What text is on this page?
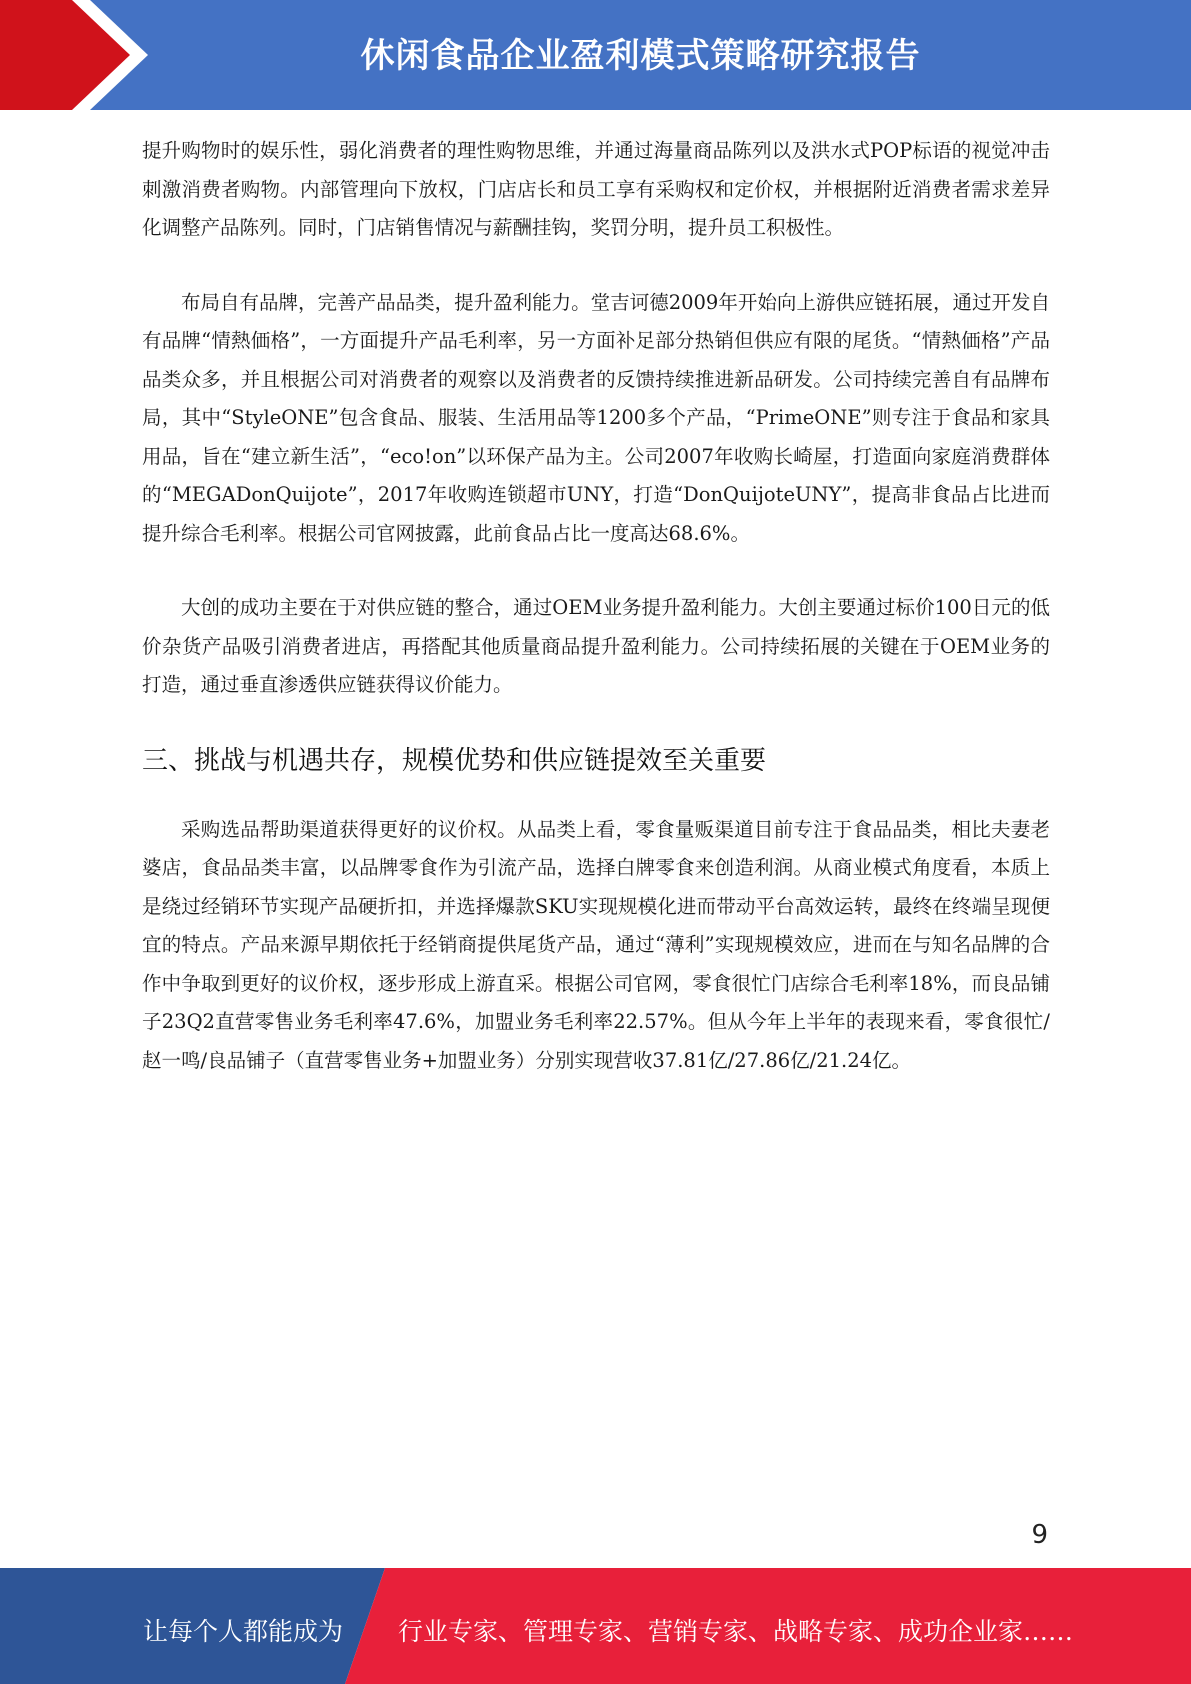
休闲食品企业盈利模式策略研究报告

提升购物时的娱乐性，弱化消费者的理性购物思维，并通过海量商品陈列以及洪水式POP标语的视觉冲击刺激消费者购物。内部管理向下放权，门店店长和员工享有采购权和定价权，并根据附近消费者需求差异化调整产品陈列。同时，门店销售情况与薪酬挂钩，奖罚分明，提升员工积极性。

布局自有品牌，完善产品品类，提升盈利能力。堂吉诃德2009年开始向上游供应链拓展，通过开发自有品牌“情熱価格”，一方面提升产品毛利率，另一方面补足部分热销但供应有限的尾货。“情熱価格”产品品类众多，并且根据公司对消费者的观察以及消费者的反馈持续推进新品研发。公司持续完善自有品牌布局，其中“StyleONE”包含食品、服装、生活用品等1200多个产品，“PrimeONE”则专注于食品和家具用品，旨在“建立新生活”，“eco!on”以环保产品为主。公司2007年收购长崎屋，打造面向家庭消费群体的“MEGADonQuijote”，2017年收购连锁超市UNY，打造“DonQuijoteUNY”，提高非食品占比进而提升综合毛利率。根据公司官网披露，此前食品占比一度高达68.6%。

大创的成功主要在于对供应链的整合，通过OEM业务提升盈利能力。大创主要通过标价100日元的低价杂货产品吸引消费者进店，再搭配其他质量商品提升盈利能力。公司持续拓展的关键在于OEM业务的打造，通过垂直渗透供应链获得议价能力。

三、挑战与机遇共存，规模优势和供应链提效至关重要

采购选品帮助渠道获得更好的议价权。从品类上看，零食量贩渠道目前专注于食品品类，相比夫妻老婆店，食品品类丰富，以品牌零食作为引流产品，选择白牌零食来创造利润。从商业模式角度看，本质上是绕过经销环节实现产品硬折扣，并选择爆款SKU实现规模化进而带动平台高效运转，最终在终端呈现便宜的特点。产品来源早期依托于经销商提供尾货产品，通过“薄利”实现规模效应，进而在与知名品牌的合作中争取到更好的议价权，逐步形成上游直采。根据公司官网，零食很忙门店综合毛利率18%，而良品铺子23Q2直营零售业务毛利率47.6%，加盟业务毛利率22.57%。但从今年上半年的表现来看，零食很忙/赵一鸣/良品铺子（直营零售业务+加盟业务）分别实现营收37.81亿/27.86亿/21.24亿。

9
让每个人都能成为 行业专家、管理专家、营销专家、战略专家、成功企业家……
